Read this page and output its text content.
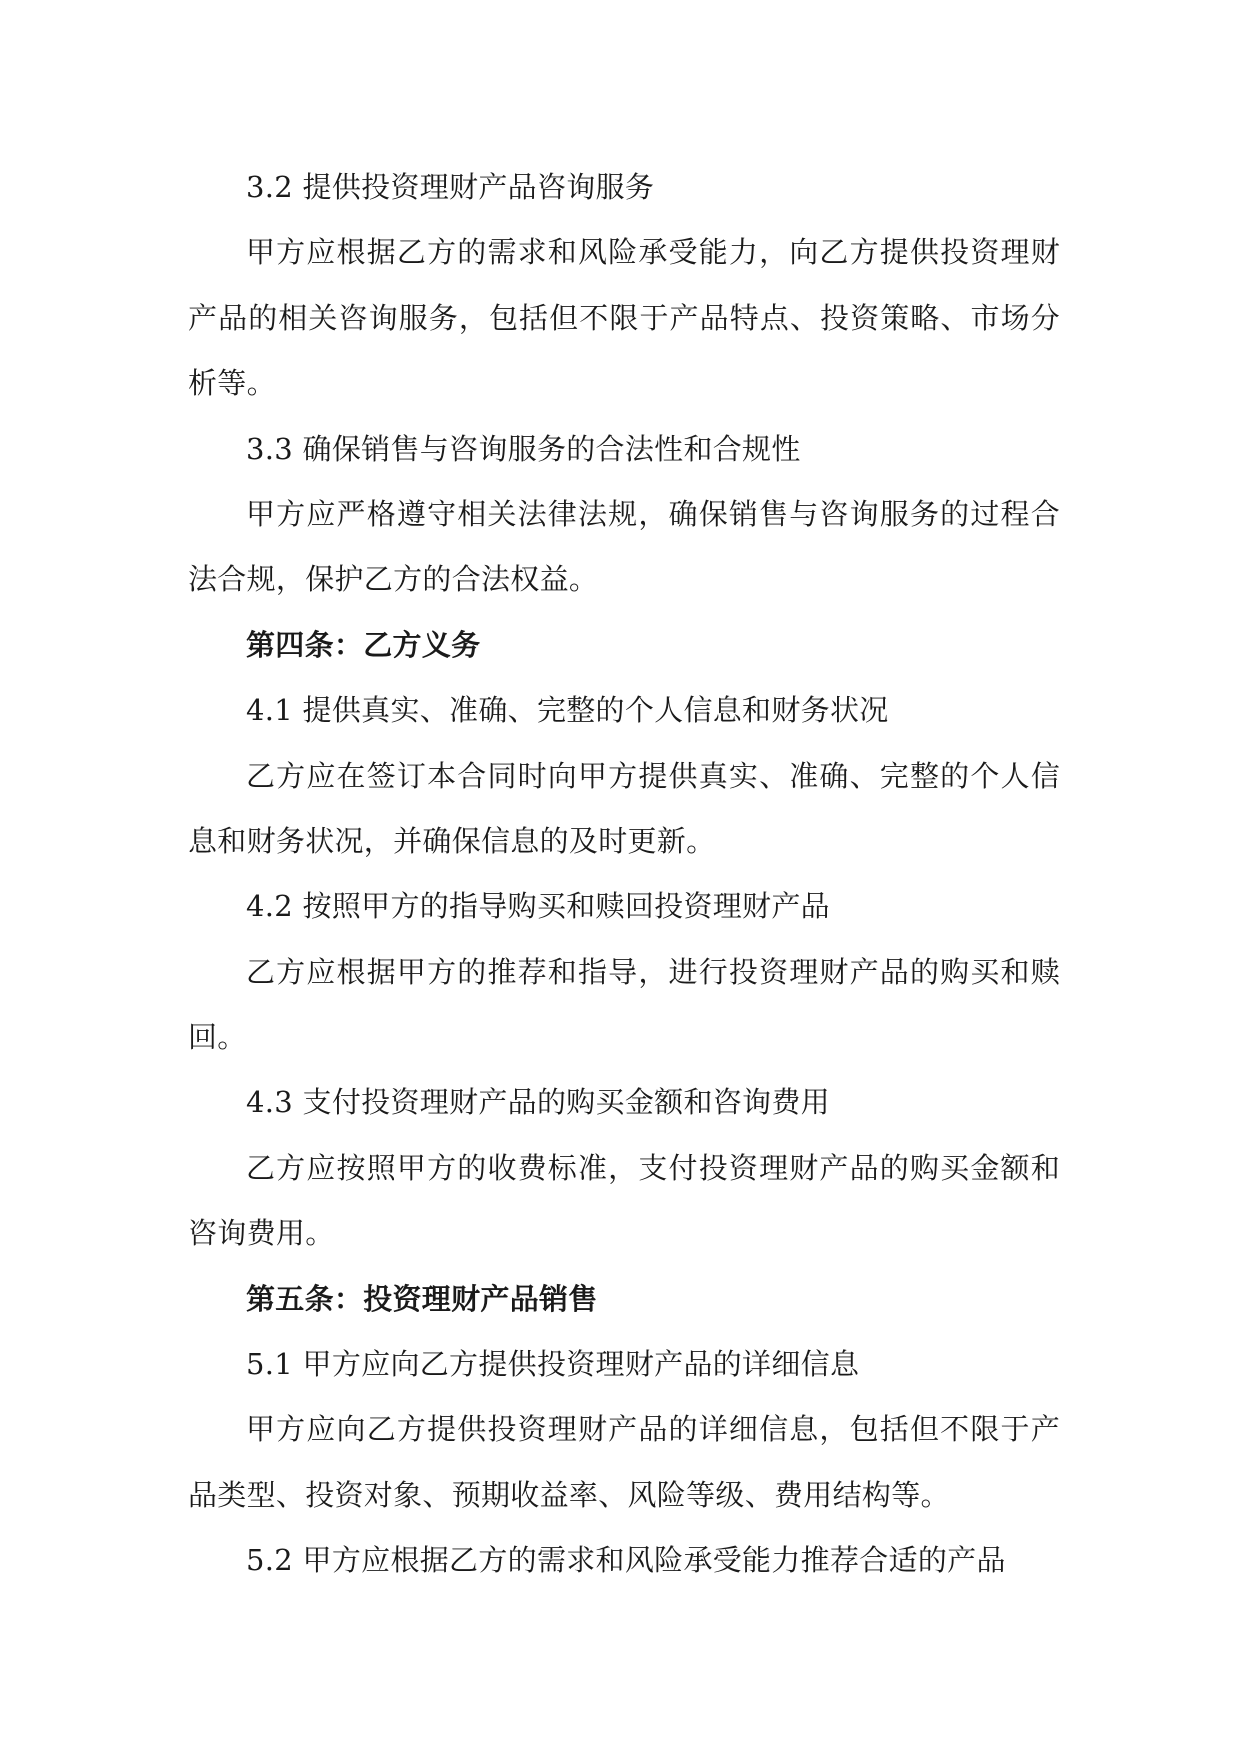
3.2 提供投资理财产品咨询服务
甲方应根据乙方的需求和风险承受能力，向乙方提供投资理财
产品的相关咨询服务，包括但不限于产品特点、投资策略、市场分
析等。
3.3 确保销售与咨询服务的合法性和合规性
甲方应严格遵守相关法律法规，确保销售与咨询服务的过程合
法合规，保护乙方的合法权益。
第四条：乙方义务
4.1 提供真实、准确、完整的个人信息和财务状况
乙方应在签订本合同时向甲方提供真实、准确、完整的个人信
息和财务状况，并确保信息的及时更新。
4.2 按照甲方的指导购买和赎回投资理财产品
乙方应根据甲方的推荐和指导，进行投资理财产品的购买和赎
回。
4.3 支付投资理财产品的购买金额和咨询费用
乙方应按照甲方的收费标准，支付投资理财产品的购买金额和
咨询费用。
第五条：投资理财产品销售
5.1 甲方应向乙方提供投资理财产品的详细信息
甲方应向乙方提供投资理财产品的详细信息，包括但不限于产
品类型、投资对象、预期收益率、风险等级、费用结构等。
5.2 甲方应根据乙方的需求和风险承受能力推荐合适的产品
